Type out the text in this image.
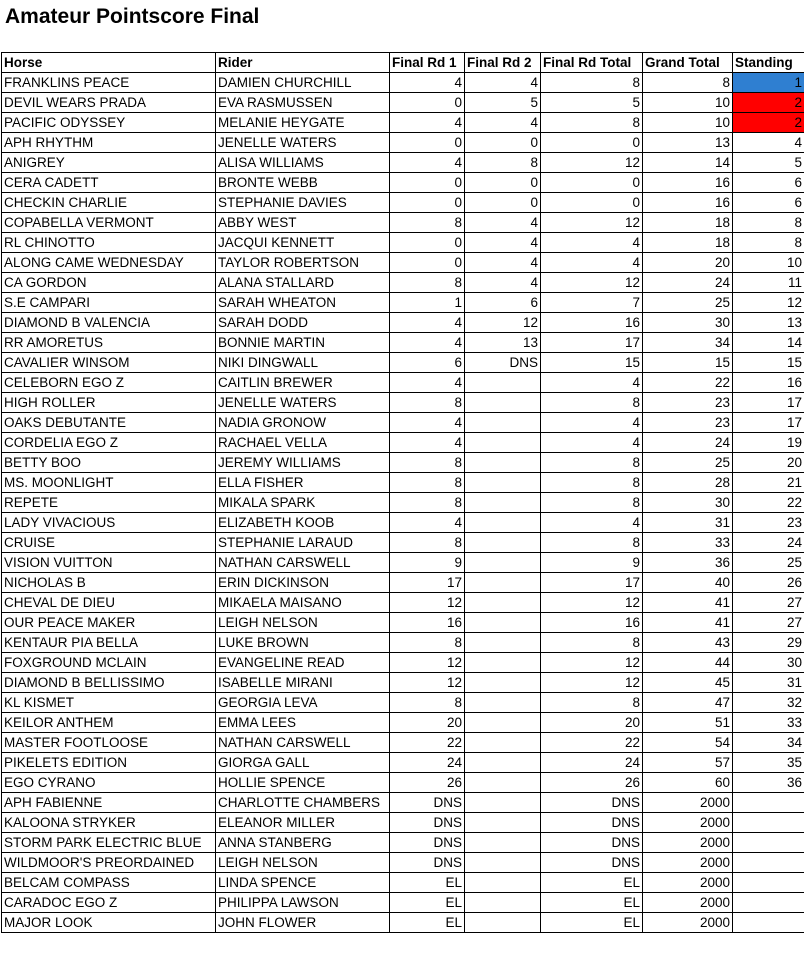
Amateur Pointscore Final
Horse	Rider	Final Rd 1	Final Rd 2	Final Rd Total	Grand Total	Standing
FRANKLINS PEACE	DAMIEN CHURCHILL	4	4	8	8	1
DEVIL WEARS PRADA	EVA RASMUSSEN	0	5	5	10	2
PACIFIC ODYSSEY	MELANIE HEYGATE	4	4	8	10	2
APH RHYTHM	JENELLE WATERS	0	0	0	13	4
ANIGREY	ALISA WILLIAMS	4	8	12	14	5
CERA CADETT	BRONTE WEBB	0	0	0	16	6
CHECKIN CHARLIE	STEPHANIE DAVIES	0	0	0	16	6
COPABELLA VERMONT	ABBY WEST	8	4	12	18	8
RL CHINOTTO	JACQUI KENNETT	0	4	4	18	8
ALONG CAME WEDNESDAY	TAYLOR ROBERTSON	0	4	4	20	10
CA GORDON	ALANA STALLARD	8	4	12	24	11
S.E CAMPARI	SARAH WHEATON	1	6	7	25	12
DIAMOND B VALENCIA	SARAH DODD	4	12	16	30	13
RR AMORETUS	BONNIE MARTIN	4	13	17	34	14
CAVALIER WINSOM	NIKI DINGWALL	6	DNS	15	15	15
CELEBORN EGO Z	CAITLIN BREWER	4		4	22	16
HIGH ROLLER	JENELLE WATERS	8		8	23	17
OAKS DEBUTANTE	NADIA GRONOW	4		4	23	17
CORDELIA EGO Z	RACHAEL VELLA	4		4	24	19
BETTY BOO	JEREMY WILLIAMS	8		8	25	20
MS. MOONLIGHT	ELLA FISHER	8		8	28	21
REPETE	MIKALA SPARK	8		8	30	22
LADY VIVACIOUS	ELIZABETH KOOB	4		4	31	23
CRUISE	STEPHANIE LARAUD	8		8	33	24
VISION VUITTON	NATHAN CARSWELL	9		9	36	25
NICHOLAS B	ERIN DICKINSON	17		17	40	26
CHEVAL DE DIEU	MIKAELA MAISANO	12		12	41	27
OUR PEACE MAKER	LEIGH NELSON	16		16	41	27
KENTAUR PIA BELLA	LUKE BROWN	8		8	43	29
FOXGROUND MCLAIN	EVANGELINE READ	12		12	44	30
DIAMOND B BELLISSIMO	ISABELLE MIRANI	12		12	45	31
KL KISMET	GEORGIA LEVA	8		8	47	32
KEILOR ANTHEM	EMMA LEES	20		20	51	33
MASTER FOOTLOOSE	NATHAN CARSWELL	22		22	54	34
PIKELETS EDITION	GIORGA GALL	24		24	57	35
EGO CYRANO	HOLLIE SPENCE	26		26	60	36
APH FABIENNE	CHARLOTTE CHAMBERS	DNS		DNS	2000	
KALOONA STRYKER	ELEANOR MILLER	DNS		DNS	2000	
STORM PARK ELECTRIC BLUE	ANNA STANBERG	DNS		DNS	2000	
WILDMOOR'S PREORDAINED	LEIGH NELSON	DNS		DNS	2000	
BELCAM COMPASS	LINDA SPENCE	EL		EL	2000	
CARADOC EGO Z	PHILIPPA LAWSON	EL		EL	2000	
MAJOR LOOK	JOHN FLOWER	EL		EL	2000	
